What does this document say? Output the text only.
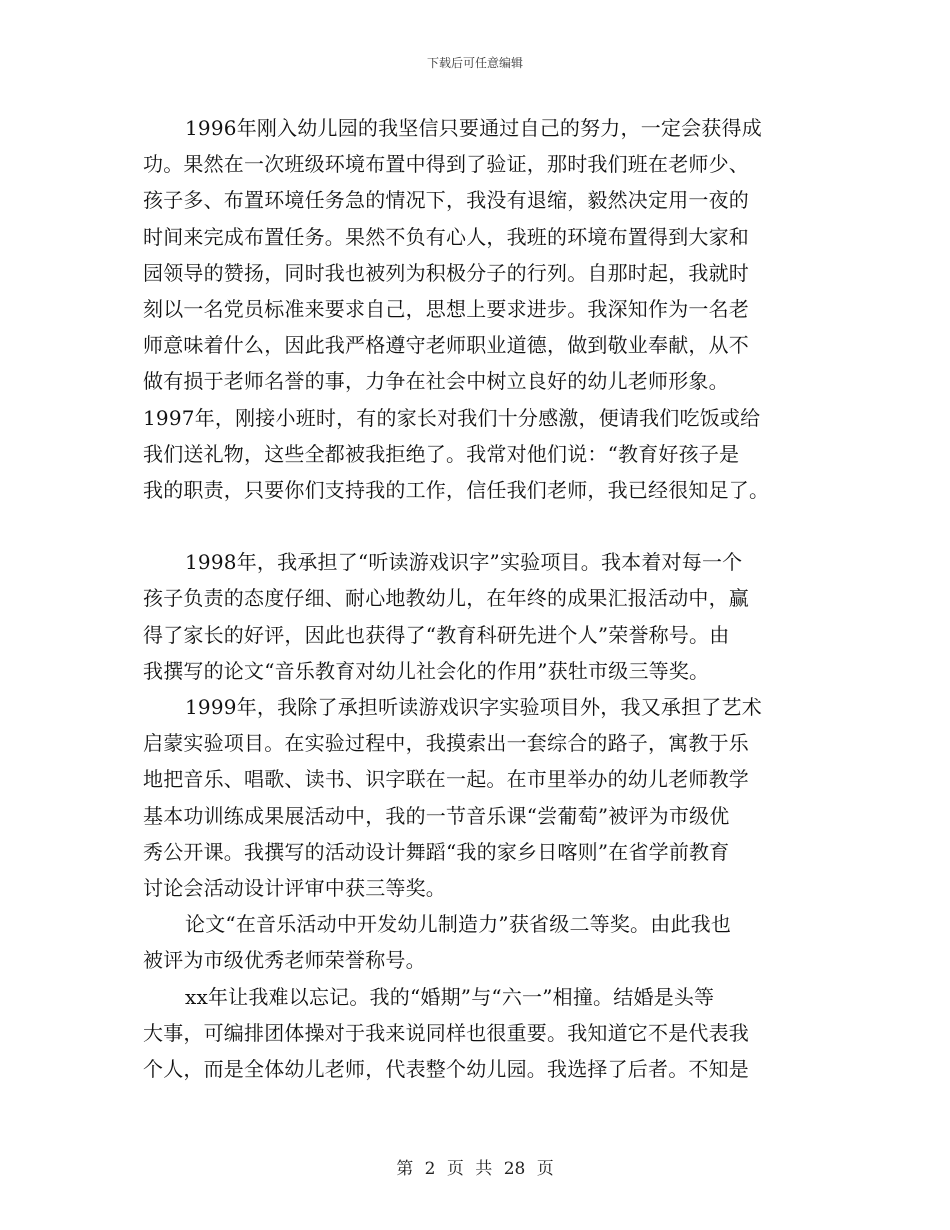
下载后可任意编辑
1996年刚入幼儿园的我坚信只要通过自己的努力，一定会获得成
功。果然在一次班级环境布置中得到了验证，那时我们班在老师少、
孩子多、布置环境任务急的情况下，我没有退缩，毅然决定用一夜的
时间来完成布置任务。果然不负有心人，我班的环境布置得到大家和
园领导的赞扬，同时我也被列为积极分子的行列。自那时起，我就时
刻以一名党员标准来要求自己，思想上要求进步。我深知作为一名老
师意味着什么，因此我严格遵守老师职业道德，做到敬业奉献，从不
做有损于老师名誉的事，力争在社会中树立良好的幼儿老师形象。
1997年，刚接小班时，有的家长对我们十分感激，便请我们吃饭或给
我们送礼物，这些全都被我拒绝了。我常对他们说：“教育好孩子是
我的职责，只要你们支持我的工作，信任我们老师，我已经很知足了。
1998年，我承担了“听读游戏识字”实验项目。我本着对每一个
孩子负责的态度仔细、耐心地教幼儿，在年终的成果汇报活动中，赢
得了家长的好评，因此也获得了“教育科研先进个人”荣誉称号。由
我撰写的论文“音乐教育对幼儿社会化的作用”获牡市级三等奖。
1999年，我除了承担听读游戏识字实验项目外，我又承担了艺术
启蒙实验项目。在实验过程中，我摸索出一套综合的路子，寓教于乐
地把音乐、唱歌、读书、识字联在一起。在市里举办的幼儿老师教学
基本功训练成果展活动中，我的一节音乐课“尝葡萄”被评为市级优
秀公开课。我撰写的活动设计舞蹈“我的家乡日喀则”在省学前教育
讨论会活动设计评审中获三等奖。
论文“在音乐活动中开发幼儿制造力”获省级二等奖。由此我也
被评为市级优秀老师荣誉称号。
xx年让我难以忘记。我的“婚期”与“六一”相撞。结婚是头等
大事，可编排团体操对于我来说同样也很重要。我知道它不是代表我
个人，而是全体幼儿老师，代表整个幼儿园。我选择了后者。不知是
第 2 页 共 28 页
